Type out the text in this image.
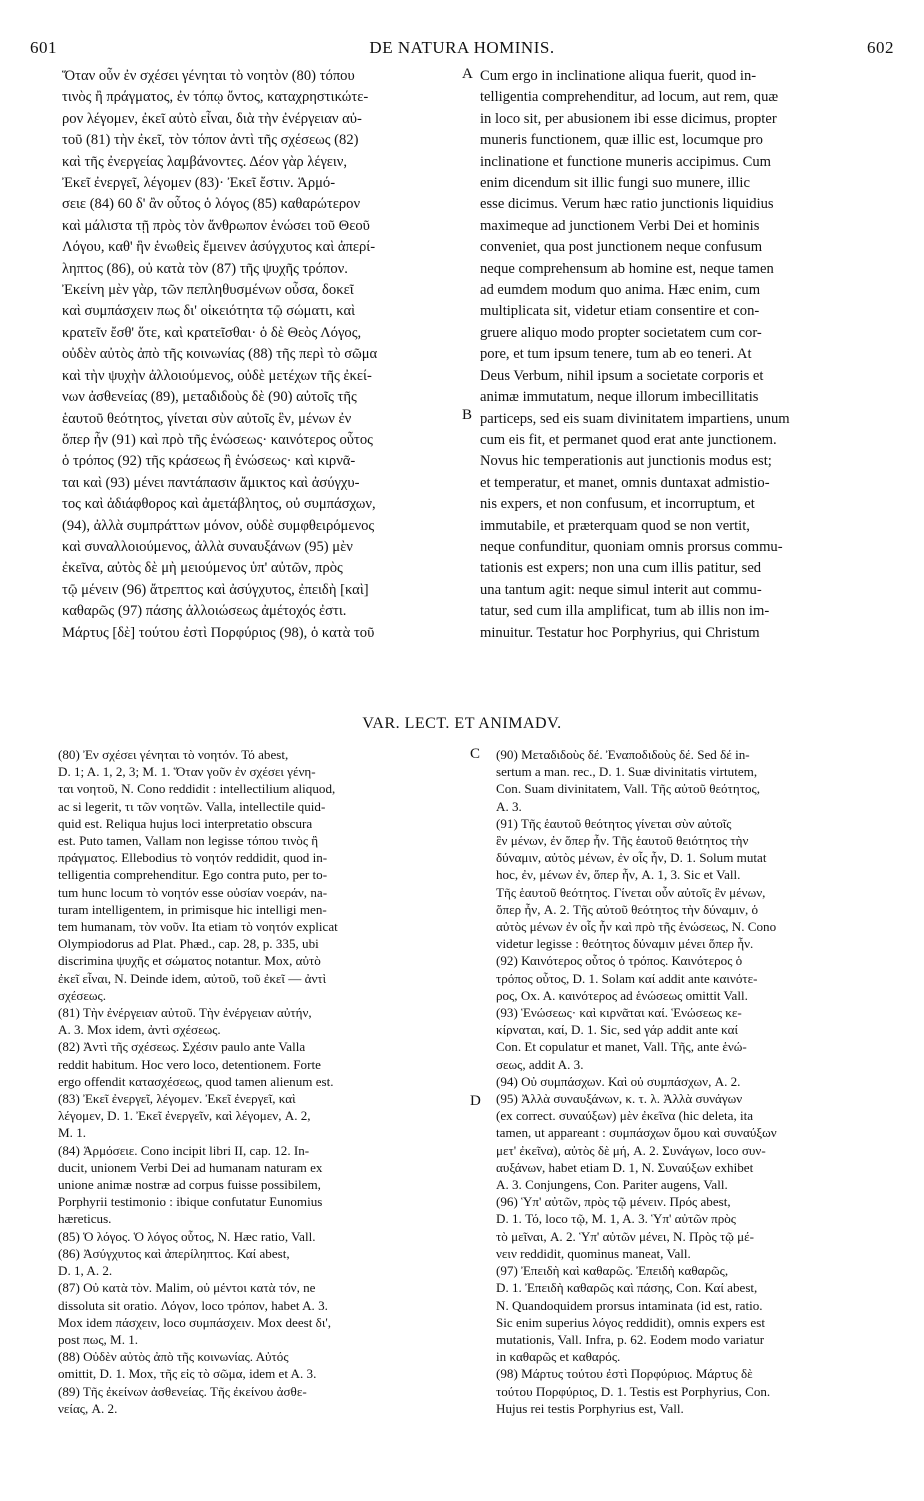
601	DE NATURA HOMINIS.	602
Ὅταν οὖν ἐν σχέσει γένηται τὸ νοητὸν (80) τόπου
τινὸς ἢ πράγματος, ἐν τόπῳ ὄντος, καταχρηστικώτε-
ρον λέγομεν, ἐκεῖ αὐτὸ εἶναι, διὰ τὴν ἐνέργειαν αὐ-
τοῦ (81) τὴν ἐκεῖ, τὸν τόπον ἀντὶ τῆς σχέσεως (82)
καὶ τῆς ἐνεργείας λαμβάνοντες. Δέον γὰρ λέγειν,
Ἐκεῖ ἐνεργεῖ, λέγομεν (83)· Ἐκεῖ ἔστιν. Ἁρμό-
σειε (84) 60 δ' ἂν οὗτος ὁ λόγος (85) καθαρώτερον
καὶ μάλιστα τῇ πρὸς τὸν ἄνθρωπον ἑνώσει τοῦ Θεοῦ
Λόγου, καθ' ἣν ἑνωθεὶς ἔμεινεν ἀσύγχυτος καὶ ἀπερί-
ληπτος (86), οὐ κατὰ τὸν (87) τῆς ψυχῆς τρόπον.
Ἐκείνη μὲν γὰρ, τῶν πεπληθυσμένων οὖσα, δοκεῖ
καὶ συμπάσχειν πως δι' οἰκειότητα τῷ σώματι, καὶ
κρατεῖν ἔσθ' ὅτε, καὶ κρατεῖσθαι· ὁ δὲ Θεὸς Λόγος,
οὐδὲν αὐτὸς ἀπὸ τῆς κοινωνίας (88) τῆς περὶ τὸ σῶμα
καὶ τὴν ψυχὴν ἀλλοιούμενος, οὐδὲ μετέχων τῆς ἐκεί-
νων ἀσθενείας (89), μεταδιδοὺς δὲ (90) αὐτοῖς τῆς
ἑαυτοῦ θεότητος, γίνεται σὺν αὐτοῖς ἓν, μένων ἐν
ὅπερ ἦν (91) καὶ πρὸ τῆς ἑνώσεως· καινότερος οὗτος
ὁ τρόπος (92) τῆς κράσεως ἢ ἑνώσεως· καὶ κιρνᾶ-
ται καὶ (93) μένει παντάπασιν ἄμικτος καὶ ἀσύγχυ-
τος καὶ ἀδιάφθορος καὶ ἀμετάβλητος, οὐ συμπάσχων,
(94), ἀλλὰ συμπράττων μόνον, οὐδὲ συμφθειρόμενος
καὶ συναλλοιούμενος, ἀλλὰ συναυξάνων (95) μὲν
ἐκεῖνα, αὐτὸς δὲ μὴ μειούμενος ὑπ' αὐτῶν, πρὸς
τῷ μένειν (96) ἄτρεπτος καὶ ἀσύγχυτος, ἐπειδὴ [καὶ]
καθαρῶς (97) πάσης ἀλλοιώσεως ἀμέτοχός ἐστι.
Μάρτυς [δὲ] τούτου ἐστὶ Πορφύριος (98), ὁ κατὰ τοῦ
Cum ergo in inclinatione aliqua fuerit, quod in-
telligentia comprehenditur, ad locum, aut rem, quæ
in loco sit, per abusionem ibi esse dicimus, propter
muneris functionem, quæ illic est, locumque pro
inclinatione et functione muneris accipimus. Cum
enim dicendum sit illic fungi suo munere, illic
esse dicimus. Verum hæc ratio junctionis liquidius
maximeque ad junctionem Verbi Dei et hominis
conveniet, qua post junctionem neque confusum
neque comprehensum ab homine est, neque tamen
ad eumdem modum quo anima. Hæc enim, cum
multiplicata sit, videtur etiam consentire et con-
gruere aliquo modo propter societatem cum cor-
pore, et tum ipsum tenere, tum ab eo teneri. At
Deus Verbum, nihil ipsum a societate corporis et
animæ immutatum, neque illorum imbecillitatis
particeps, sed eis suam divinitatem impartiens, unum
cum eis fit, et permanet quod erat ante junctionem.
Novus hic temperationis aut junctionis modus est;
et temperatur, et manet, omnis duntaxat admistio-
nis expers, et non confusum, et incorruptum, et
immutabile, et præterquam quod se non vertit,
neque confunditur, quoniam omnis prorsus commu-
tationis est expers; non una cum illis patitur, sed
una tantum agit: neque simul interit aut commu-
tatur, sed cum illa amplificat, tum ab illis non im-
minuitur. Testatur hoc Porphyrius, qui Christum
A
B
C
D
VAR. LECT. ET ANIMADV.
(80) Ἐν σχέσει γένηται τὸ νοητόν. Τό abest,
D. 1; A. 1, 2, 3; M. 1. Ὅταν γοῦν ἐν σχέσει γένη-
ται νοητοῦ, N. Cono reddidit : intellectilium aliquod,
ac si legerit, τι τῶν νοητῶν. Valla, intellectile quid-
quid est. Reliqua hujus loci interpretatio obscura
est. Puto tamen, Vallam non legisse τόπου τινὸς ἢ
πράγματος. Ellebodius τὸ νοητόν reddidit, quod in-
telligentia comprehenditur. Ego contra puto, per to-
tum hunc locum τὸ νοητόν esse οὐσίαν νοεράν, na-
turam intelligentem, in primisque hic intelligi men-
tem humanam, τὸν νοῦν. Ita etiam τὸ νοητόν explicat
Olympiodorus ad Plat. Phæd., cap. 28, p. 335, ubi
discrimina ψυχῆς et σώματος notantur. Mox, αὐτὸ
ἐκεῖ εἶναι, N. Deinde idem, αὐτοῦ, τοῦ ἐκεῖ — ἀντὶ
σχέσεως.
(81) Τὴν ἐνέργειαν αὐτοῦ. Τὴν ἐνέργειαν αὐτήν,
A. 3. Mox idem, ἀντὶ σχέσεως.
(82) Ἀντὶ τῆς σχέσεως. Σχέσιν paulo ante Valla
reddit habitum. Hoc vero loco, detentionem. Forte
ergo offendit κατασχέσεως, quod tamen alienum est.
(83) Ἐκεῖ ἐνεργεῖ, λέγομεν. Ἐκεῖ ἐνεργεῖ, καὶ
λέγομεν, D. 1. Ἐκεῖ ἐνεργεῖν, καὶ λέγομεν, A. 2,
M. 1.
(84) Ἁρμόσειε. Cono incipit libri II, cap. 12. In-
ducit, unionem Verbi Dei ad humanam naturam ex
unione animæ nostræ ad corpus fuisse possibilem,
Porphyrii testimonio : ibique confutatur Eunomius
hæreticus.
(85) Ὁ λόγος. Ὁ λόγος οὗτος, N. Hæc ratio, Vall.
(86) Ἀσύγχυτος καὶ ἀπερίληπτος. Καί abest,
D. 1, A. 2.
(87) Οὐ κατὰ τὸν. Malim, οὐ μέντοι κατὰ τόν, ne
dissoluta sit oratio. Λόγον, loco τρόπον, habet A. 3.
Mox idem πάσχειν, loco συμπάσχειν. Mox deest δι',
post πως, M. 1.
(88) Οὐδὲν αὐτὸς ἀπὸ τῆς κοινωνίας. Αὐτός
omittit, D. 1. Mox, τῆς εἰς τὸ σῶμα, idem et A. 3.
(89) Τῆς ἐκείνων ἀσθενείας. Τῆς ἐκείνου ἀσθε-
νείας, A. 2.
(90) Μεταδιδοὺς δέ. Ἐναποδιδοὺς δέ. Sed δέ in-
sertum a man. rec., D. 1. Suæ divinitatis virtutem,
Con. Suam divinitatem, Vall. Τῆς αὐτοῦ θεότητος,
A. 3.
(91) Τῆς ἑαυτοῦ θεότητος γίνεται σὺν αὐτοῖς
ἓν μένων, ἐν ὅπερ ἦν. Τῆς ἑαυτοῦ θειότητος τὴν
δύναμιν, αὐτὸς μένων, ἐν οἷς ἦν, D. 1. Solum mutat
hoc, ἐν, μένων ἐν, ὅπερ ἦν, A. 1, 3. Sic et Vall.
Τῆς ἑαυτοῦ θεότητος. Γίνεται οὖν αὐτοῖς ἓν μένων,
ὅπερ ἦν, A. 2. Τῆς αὐτοῦ θεότητος τὴν δύναμιν, ὁ
αὐτὸς μένων ἐν οἷς ἦν καὶ πρὸ τῆς ἑνώσεως, N. Cono
videtur legisse : θεότητος δύναμιν μένει ὅπερ ἦν.
(92) Καινότερος οὗτος ὁ τρόπος. Καινότερος ὁ
τρόπος οὗτος, D. 1. Solam καί addit ante καινότε-
ρος, Ox. A. καινότερος ad ἑνώσεως omittit Vall.
(93) Ἑνώσεως· καὶ κιρνᾶται καί. Ἑνώσεως κε-
κίρναται, καί, D. 1. Sic, sed γάρ addit ante καί
Con. Et copulatur et manet, Vall. Τῆς, ante ἑνώ-
σεως, addit A. 3.
(94) Οὐ συμπάσχων. Καὶ οὐ συμπάσχων, A. 2.
(95) Ἀλλὰ συναυξάνων, κ. τ. λ. Ἀλλὰ συνάγων
(ex correct. συναύξων) μὲν ἐκεῖνα (hic deleta, ita
tamen, ut appareant : συμπάσχων ὅμου καὶ συναύξων
μετ' ἐκεῖνα), αὐτὸς δὲ μή, A. 2. Συνάγων, loco συν-
αυξάνων, habet etiam D. 1, N. Συναύξων exhibet
A. 3. Conjungens, Con. Pariter augens, Vall.
(96) Ὑπ' αὐτῶν, πρὸς τῷ μένειν. Πρός abest,
D. 1. Τό, loco τῷ, M. 1, A. 3. Ὑπ' αὐτῶν πρὸς
τὸ μεῖναι, A. 2. Ὑπ' αὐτῶν μένει, N. Πρὸς τῷ μέ-
νειν reddidit, quominus maneat, Vall.
(97) Ἐπειδὴ καὶ καθαρῶς. Ἐπειδὴ καθαρῶς,
D. 1. Ἐπειδὴ καθαρῶς καὶ πάσης, Con. Καί abest,
N. Quandoquidem prorsus intaminata (id est, ratio.
Sic enim superius λόγος reddidit), omnis expers est
mutationis, Vall. Infra, p. 62. Eodem modo variatur
in καθαρῶς et καθαρός.
(98) Μάρτυς τούτου ἐστὶ Πορφύριος. Μάρτυς δὲ
τούτου Πορφύριος, D. 1. Testis est Porphyrius, Con.
Hujus rei testis Porphyrius est, Vall.
